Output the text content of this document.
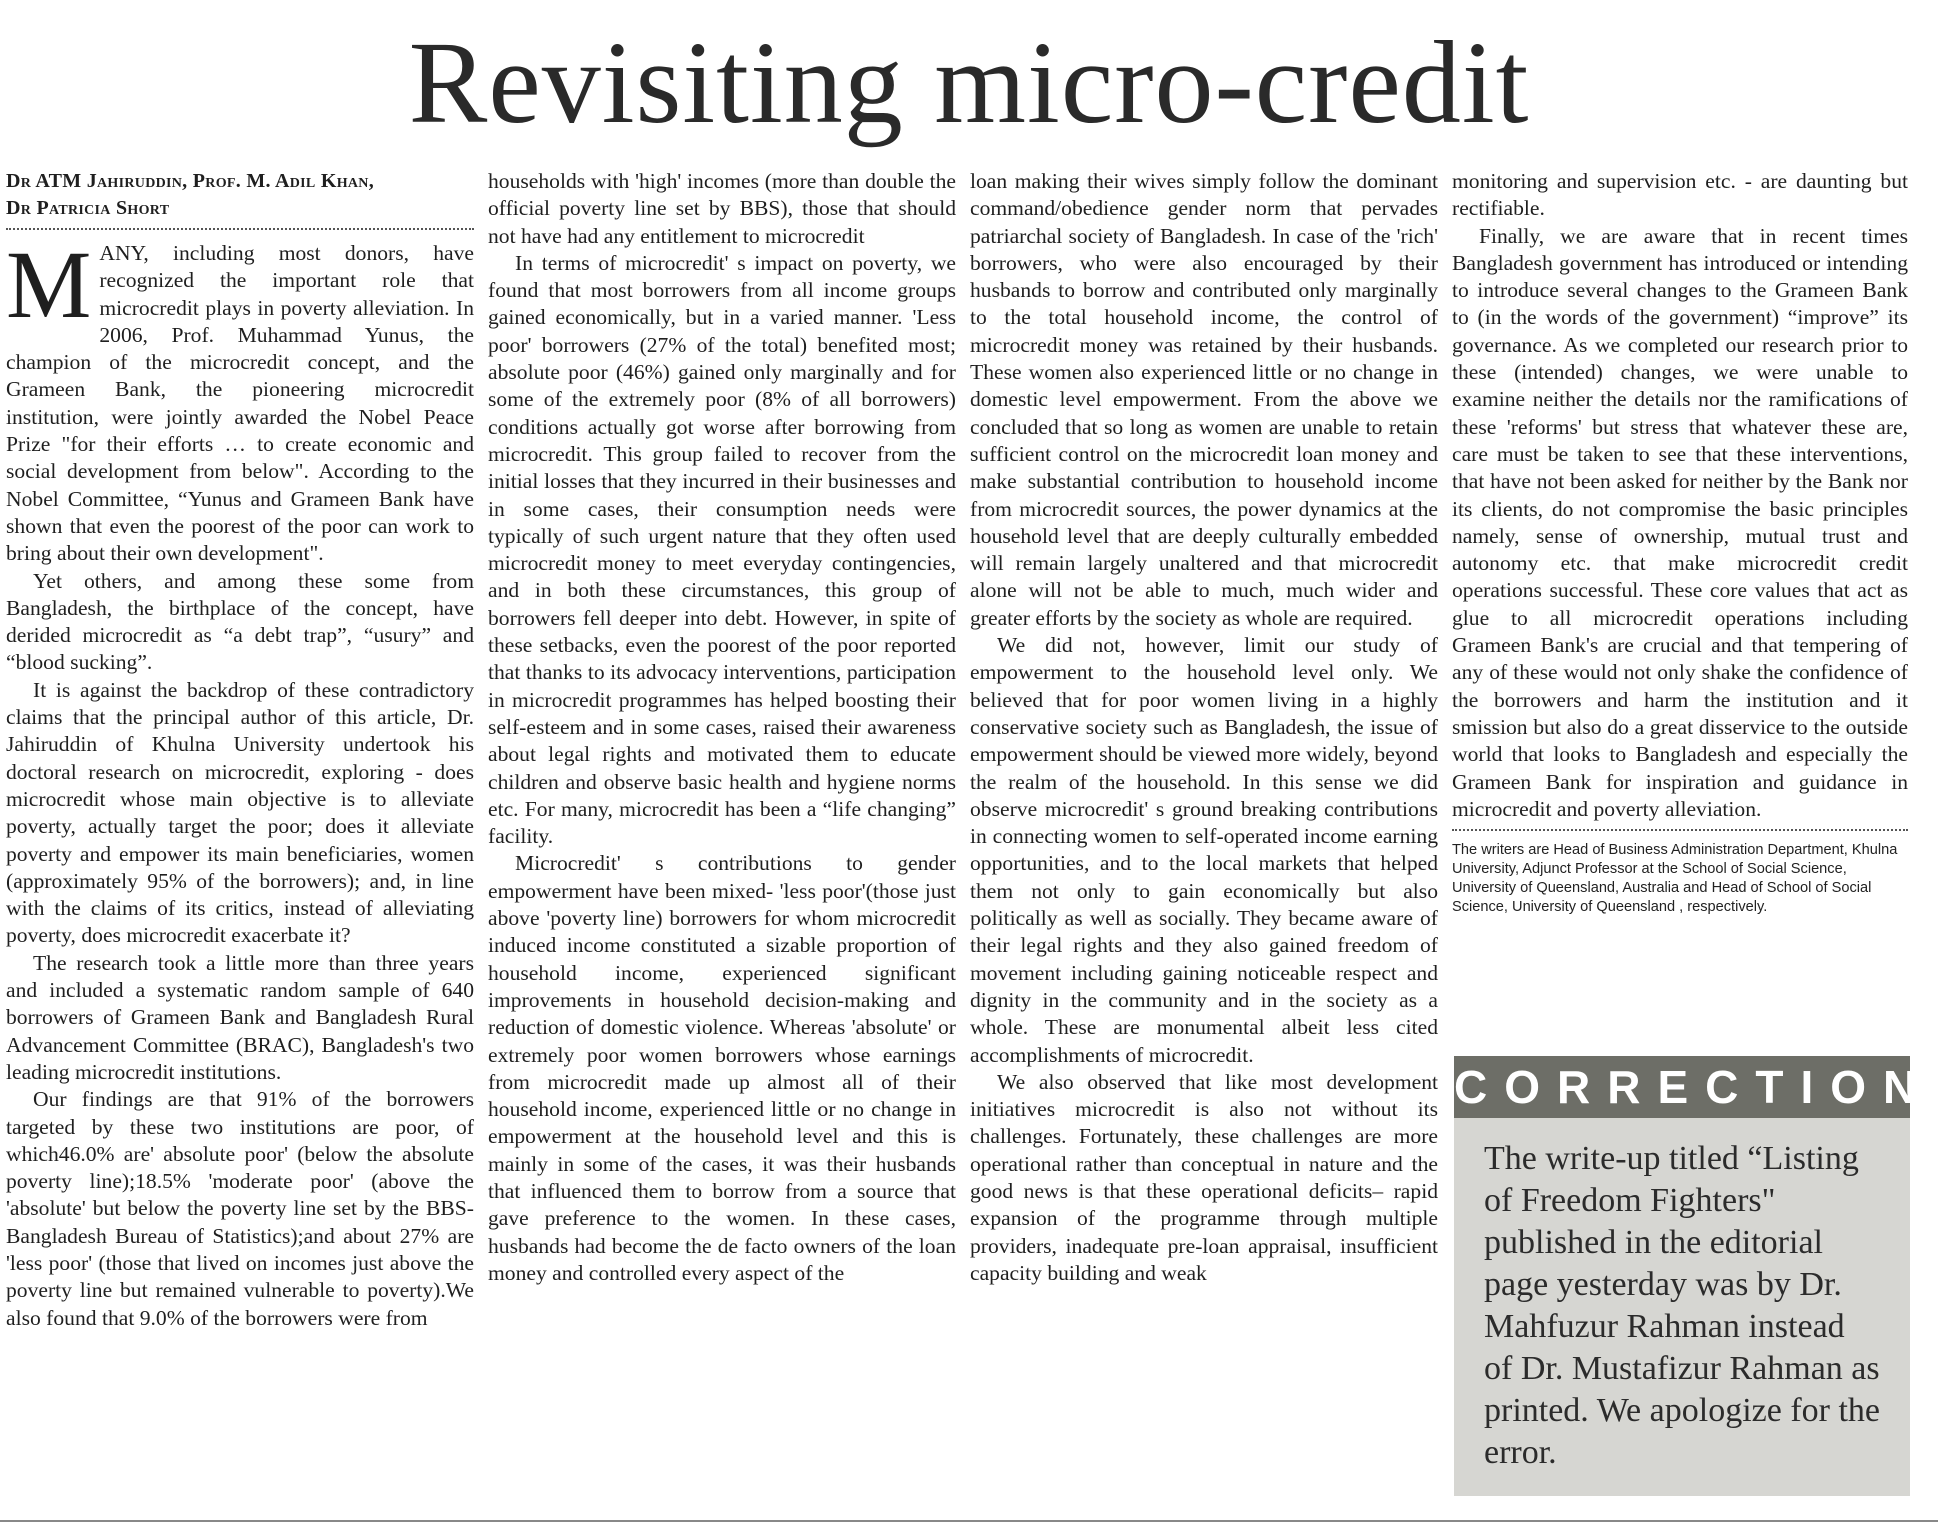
Revisiting micro-credit

Dr ATM Jahiruddin, Prof. M. Adil Khan,
Dr Patricia Short

MANY, including most donors, have recognized the important role that microcredit plays in poverty alleviation. In 2006, Prof. Muhammad Yunus, the champion of the microcredit concept, and the Grameen Bank, the pioneering microcredit institution, were jointly awarded the Nobel Peace Prize "for their efforts … to create economic and social development from below". According to the Nobel Committee, “Yunus and Grameen Bank have shown that even the poorest of the poor can work to bring about their own development".

Yet others, and among these some from Bangladesh, the birthplace of the concept, have derided microcredit as “a debt trap”, “usury” and “blood sucking”.

It is against the backdrop of these contradictory claims that the principal author of this article, Dr. Jahiruddin of Khulna University undertook his doctoral research on microcredit, exploring - does microcredit whose main objective is to alleviate poverty, actually target the poor; does it alleviate poverty and empower its main beneficiaries, women (approximately 95% of the borrowers); and, in line with the claims of its critics, instead of alleviating poverty, does microcredit exacerbate it?

The research took a little more than three years and included a systematic random sample of 640 borrowers of Grameen Bank and Bangladesh Rural Advancement Committee (BRAC), Bangladesh's two leading microcredit institutions.

Our findings are that 91% of the borrowers targeted by these two institutions are poor, of which46.0% are' absolute poor' (below the absolute poverty line);18.5% 'moderate poor' (above the 'absolute' but below the poverty line set by the BBS-Bangladesh Bureau of Statistics);and about 27% are 'less poor' (those that lived on incomes just above the poverty line but remained vulnerable to poverty).We also found that 9.0% of the borrowers were from

households with 'high' incomes (more than double the official poverty line set by BBS), those that should not have had any entitlement to microcredit

In terms of microcredit' s impact on poverty, we found that most borrowers from all income groups gained economically, but in a varied manner. 'Less poor' borrowers (27% of the total) benefited most; absolute poor (46%) gained only marginally and for some of the extremely poor (8% of all borrowers) conditions actually got worse after borrowing from microcredit. This group failed to recover from the initial losses that they incurred in their businesses and in some cases, their consumption needs were typically of such urgent nature that they often used microcredit money to meet everyday contingencies, and in both these circumstances, this group of borrowers fell deeper into debt. However, in spite of these setbacks, even the poorest of the poor reported that thanks to its advocacy interventions, participation in microcredit programmes has helped boosting their self-esteem and in some cases, raised their awareness about legal rights and motivated them to educate children and observe basic health and hygiene norms etc. For many, microcredit has been a “life changing” facility.

Microcredit' s contributions to gender empowerment have been mixed- 'less poor'(those just above 'poverty line) borrowers for whom microcredit induced income constituted a sizable proportion of household income, experienced significant improvements in household decision-making and reduction of domestic violence. Whereas 'absolute' or extremely poor women borrowers whose earnings from microcredit made up almost all of their household income, experienced little or no change in empowerment at the household level and this is mainly in some of the cases, it was their husbands that influenced them to borrow from a source that gave preference to the women. In these cases, husbands had become the de facto owners of the loan money and controlled every aspect of the

loan making their wives simply follow the dominant command/obedience gender norm that pervades patriarchal society of Bangladesh. In case of the 'rich' borrowers, who were also encouraged by their husbands to borrow and contributed only marginally to the total household income, the control of microcredit money was retained by their husbands. These women also experienced little or no change in domestic level empowerment. From the above we concluded that so long as women are unable to retain sufficient control on the microcredit loan money and make substantial contribution to household income from microcredit sources, the power dynamics at the household level that are deeply culturally embedded will remain largely unaltered and that microcredit alone will not be able to much, much wider and greater efforts by the society as whole are required.

We did not, however, limit our study of empowerment to the household level only. We believed that for poor women living in a highly conservative society such as Bangladesh, the issue of empowerment should be viewed more widely, beyond the realm of the household. In this sense we did observe microcredit' s ground breaking contributions in connecting women to self-operated income earning opportunities, and to the local markets that helped them not only to gain economically but also politically as well as socially. They became aware of their legal rights and they also gained freedom of movement including gaining noticeable respect and dignity in the community and in the society as a whole. These are monumental albeit less cited accomplishments of microcredit.

We also observed that like most development initiatives microcredit is also not without its challenges. Fortunately, these challenges are more operational rather than conceptual in nature and the good news is that these operational deficits– rapid expansion of the programme through multiple providers, inadequate pre-loan appraisal, insufficient capacity building and weak

monitoring and supervision etc. - are daunting but rectifiable.

Finally, we are aware that in recent times Bangladesh government has introduced or intending to introduce several changes to the Grameen Bank to (in the words of the government) “improve” its governance. As we completed our research prior to these (intended) changes, we were unable to examine neither the details nor the ramifications of these 'reforms' but stress that whatever these are, care must be taken to see that these interventions, that have not been asked for neither by the Bank nor its clients, do not compromise the basic principles namely, sense of ownership, mutual trust and autonomy etc. that make microcredit credit operations successful. These core values that act as glue to all microcredit operations including Grameen Bank's are crucial and that tempering of any of these would not only shake the confidence of the borrowers and harm the institution and it smission but also do a great disservice to the outside world that looks to Bangladesh and especially the Grameen Bank for inspiration and guidance in microcredit and poverty alleviation.

The writers are Head of Business Administration Department, Khulna University, Adjunct Professor at the School of Social Science, University of Queensland, Australia and Head of School of Social Science, University of Queensland , respectively.
CORRECTION
The write-up titled “Listing of Freedom Fighters" published in the editorial page yesterday was by Dr. Mahfuzur Rahman instead of Dr. Mustafizur Rahman as printed. We apologize for the error.
